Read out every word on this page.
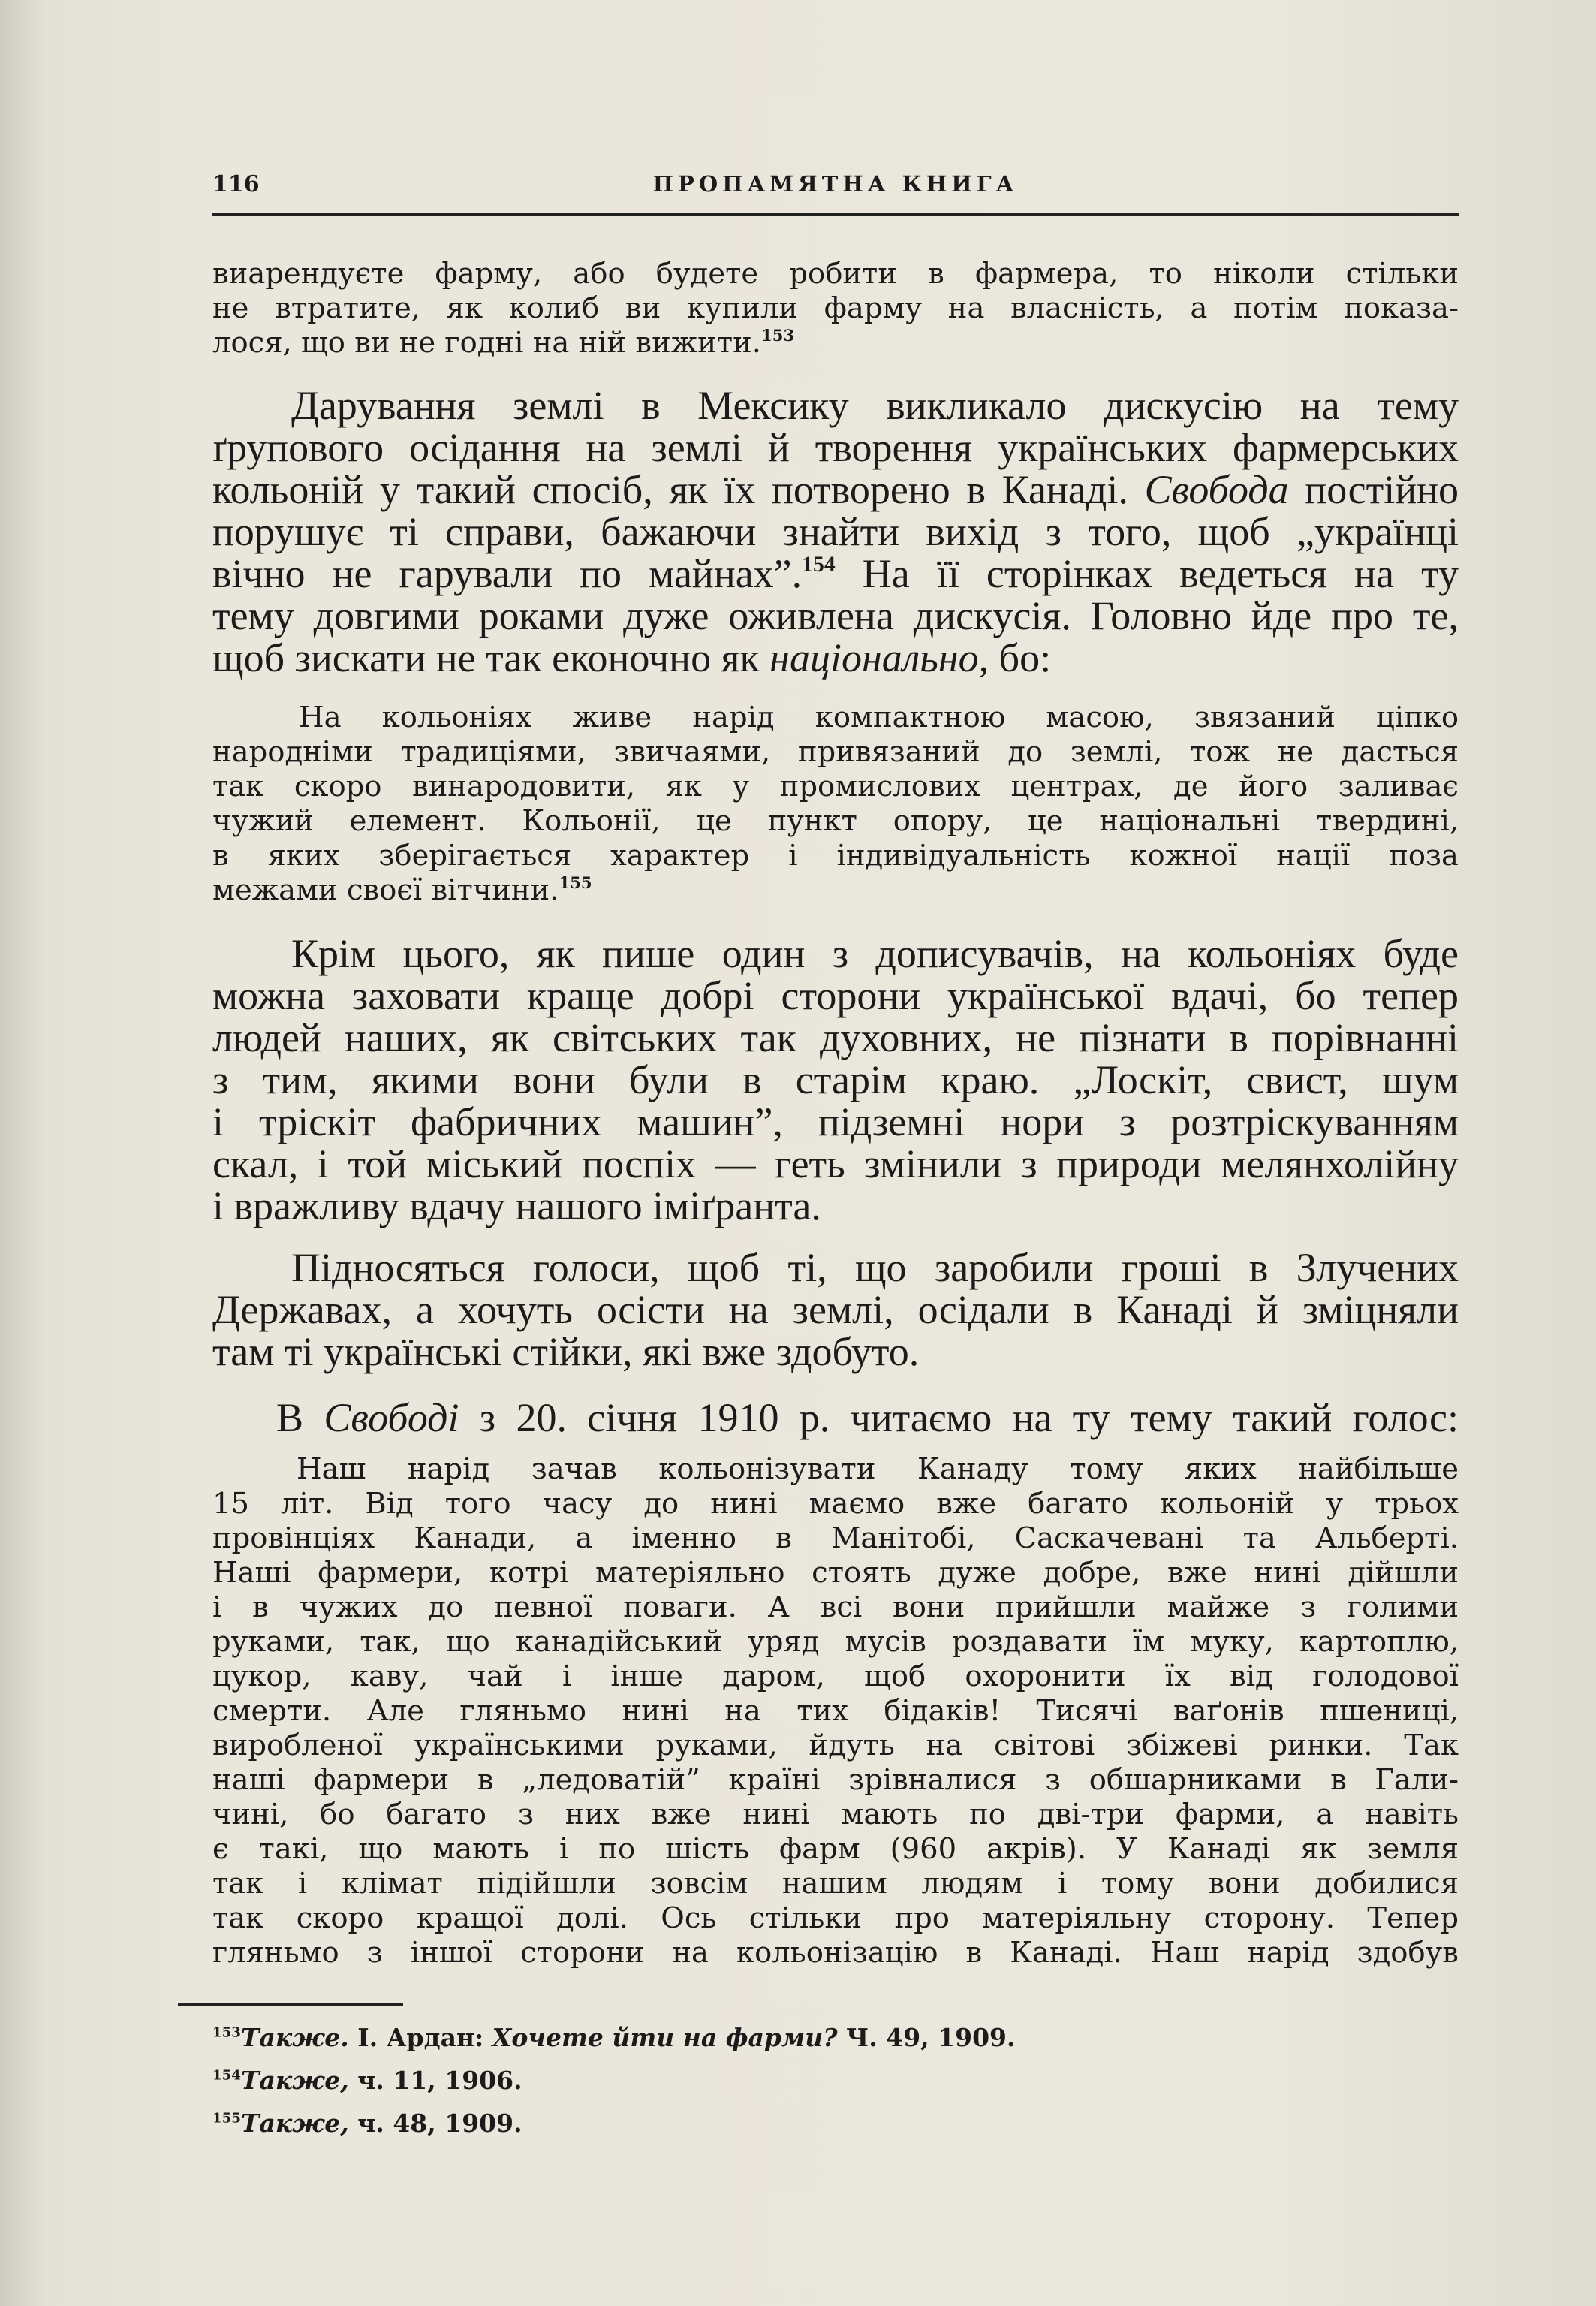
116	ПРОПАМЯТНА КНИГА
виарендуєте фарму, або будете робити в фармера, то ніколи стільки
не втратите, як колиб ви купили фарму на власність, а потім показа-
лося, що ви не годні на ній вижити.$^{153}$
Дарування землі в Мексику викликало дискусію на тему
ґрупового осідання на землі й творення українських фармерських
кольоній у такий спосіб, як їх потворено в Канаді. Свобода постійно
порушує ті справи, бажаючи знайти вихід з того, щоб „українці
вічно не гарували по майнах”.$^{154}$ На її сторінках ведеться на ту
тему довгими роками дуже оживлена дискусія. Головно йде про те,
щоб зискати не так еконочно як національно, бо:
На кольоніях живе нарід компактною масою, звязаний ціпко
народніми традиціями, звичаями, привязаний до землі, тож не дасться
так скоро винародовити, як у промислових центрах, де його заливає
чужий елемент. Кольонії, це пункт опору, це національні твердині,
в яких зберігається характер і індивідуальність кожної нації поза
межами своєї вітчини.$^{155}$
Крім цього, як пише один з дописувачів, на кольоніях буде
можна заховати краще добрі сторони української вдачі, бо тепер
людей наших, як світських так духовних, не пізнати в порівнанні
з тим, якими вони були в старім краю. „Лоскіт, свист, шум
і тріскіт фабричних машин”, підземні нори з розтріскуванням
скал, і той міський поспіх — геть змінили з природи мелянхолійну
і вражливу вдачу нашого іміґранта.
Підносяться голоси, щоб ті, що заробили гроші в Злучених
Державах, а хочуть осісти на землі, осідали в Канаді й зміцняли
там ті українські стійки, які вже здобуто.
В Свободі з 20. січня 1910 р. читаємо на ту тему такий голос:
Наш нарід зачав кольонізувати Канаду тому яких найбільше
15 літ. Від того часу до нині маємо вже багато кольоній у трьох
провінціях Канади, а іменно в Манітобі, Саскачевані та Альберті.
Наші фармери, котрі матеріяльно стоять дуже добре, вже нині дійшли
і в чужих до певної поваги. А всі вони прийшли майже з голими
руками, так, що канадійський уряд мусів роздавати їм муку, картоплю,
цукор, каву, чай і інше даром, щоб охоронити їх від голодової
смерти. Але гляньмо нині на тих бідаків! Тисячі ваґонів пшениці,
виробленої українськими руками, йдуть на світові збіжеві ринки. Так
наші фармери в „ледоватій” країні зрівналися з обшарниками в Гали-
чині, бо багато з них вже нині мають по дві-три фарми, а навіть
є такі, що мають і по шість фарм (960 акрів). У Канаді як земля
так і клімат підійшли зовсім нашим людям і тому вони добилися
так скоро кращої долі. Ось стільки про матеріяльну сторону. Тепер
гляньмо з іншої сторони на кольонізацію в Канаді. Наш нарід здобув
$^{153}$Также. І. Ардан: Хочете йти на фарми? Ч. 49, 1909.
$^{154}$Также, ч. 11, 1906.
$^{155}$Также, ч. 48, 1909.
